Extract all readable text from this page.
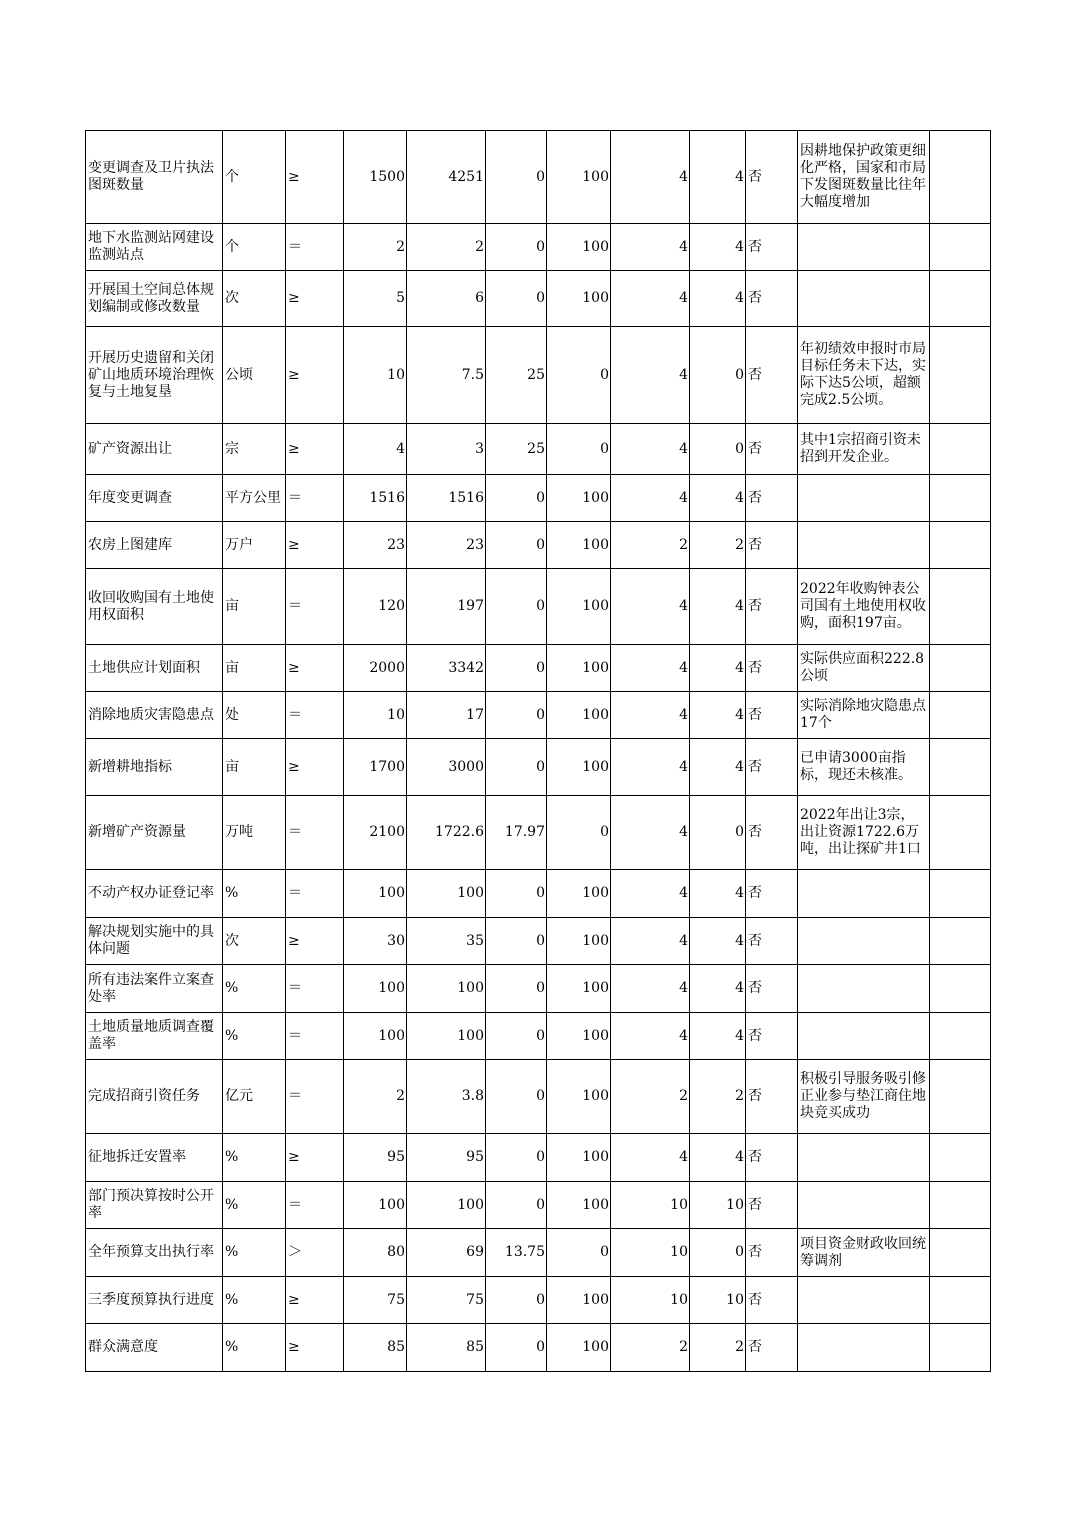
变更调查及卫片执法图斑数量	个	≥	1500	4251	0	100	4	4	否	因耕地保护政策更细化严格，国家和市局下发图斑数量比往年大幅度增加	
地下水监测站网建设监测站点	个	＝	2	2	0	100	4	4	否		
开展国土空间总体规划编制或修改数量	次	≥	5	6	0	100	4	4	否		
开展历史遗留和关闭矿山地质环境治理恢复与土地复垦	公顷	≥	10	7.5	25	0	4	0	否	年初绩效申报时市局目标任务未下达，实际下达5公顷，超额完成2.5公顷。	
矿产资源出让	宗	≥	4	3	25	0	4	0	否	其中1宗招商引资未招到开发企业。	
年度变更调查	平方公里	＝	1516	1516	0	100	4	4	否		
农房上图建库	万户	≥	23	23	0	100	2	2	否		
收回收购国有土地使用权面积	亩	＝	120	197	0	100	4	4	否	2022年收购钟表公司国有土地使用权收购，面积197亩。	
土地供应计划面积	亩	≥	2000	3342	0	100	4	4	否	实际供应面积222.8公顷	
消除地质灾害隐患点	处	＝	10	17	0	100	4	4	否	实际消除地灾隐患点17个	
新增耕地指标	亩	≥	1700	3000	0	100	4	4	否	已申请3000亩指标，现还未核准。	
新增矿产资源量	万吨	＝	2100	1722.6	17.97	0	4	0	否	2022年出让3宗，出让资源1722.6万吨，出让探矿井1口	
不动产权办证登记率	%	＝	100	100	0	100	4	4	否		
解决规划实施中的具体问题	次	≥	30	35	0	100	4	4	否		
所有违法案件立案查处率	%	＝	100	100	0	100	4	4	否		
土地质量地质调查覆盖率	%	＝	100	100	0	100	4	4	否		
完成招商引资任务	亿元	＝	2	3.8	0	100	2	2	否	积极引导服务吸引修正业参与垫江商住地块竞买成功	
征地拆迁安置率	%	≥	95	95	0	100	4	4	否		
部门预决算按时公开率	%	＝	100	100	0	100	10	10	否		
全年预算支出执行率	%	＞	80	69	13.75	0	10	0	否	项目资金财政收回统筹调剂	
三季度预算执行进度	%	≥	75	75	0	100	10	10	否		
群众满意度	%	≥	85	85	0	100	2	2	否		
